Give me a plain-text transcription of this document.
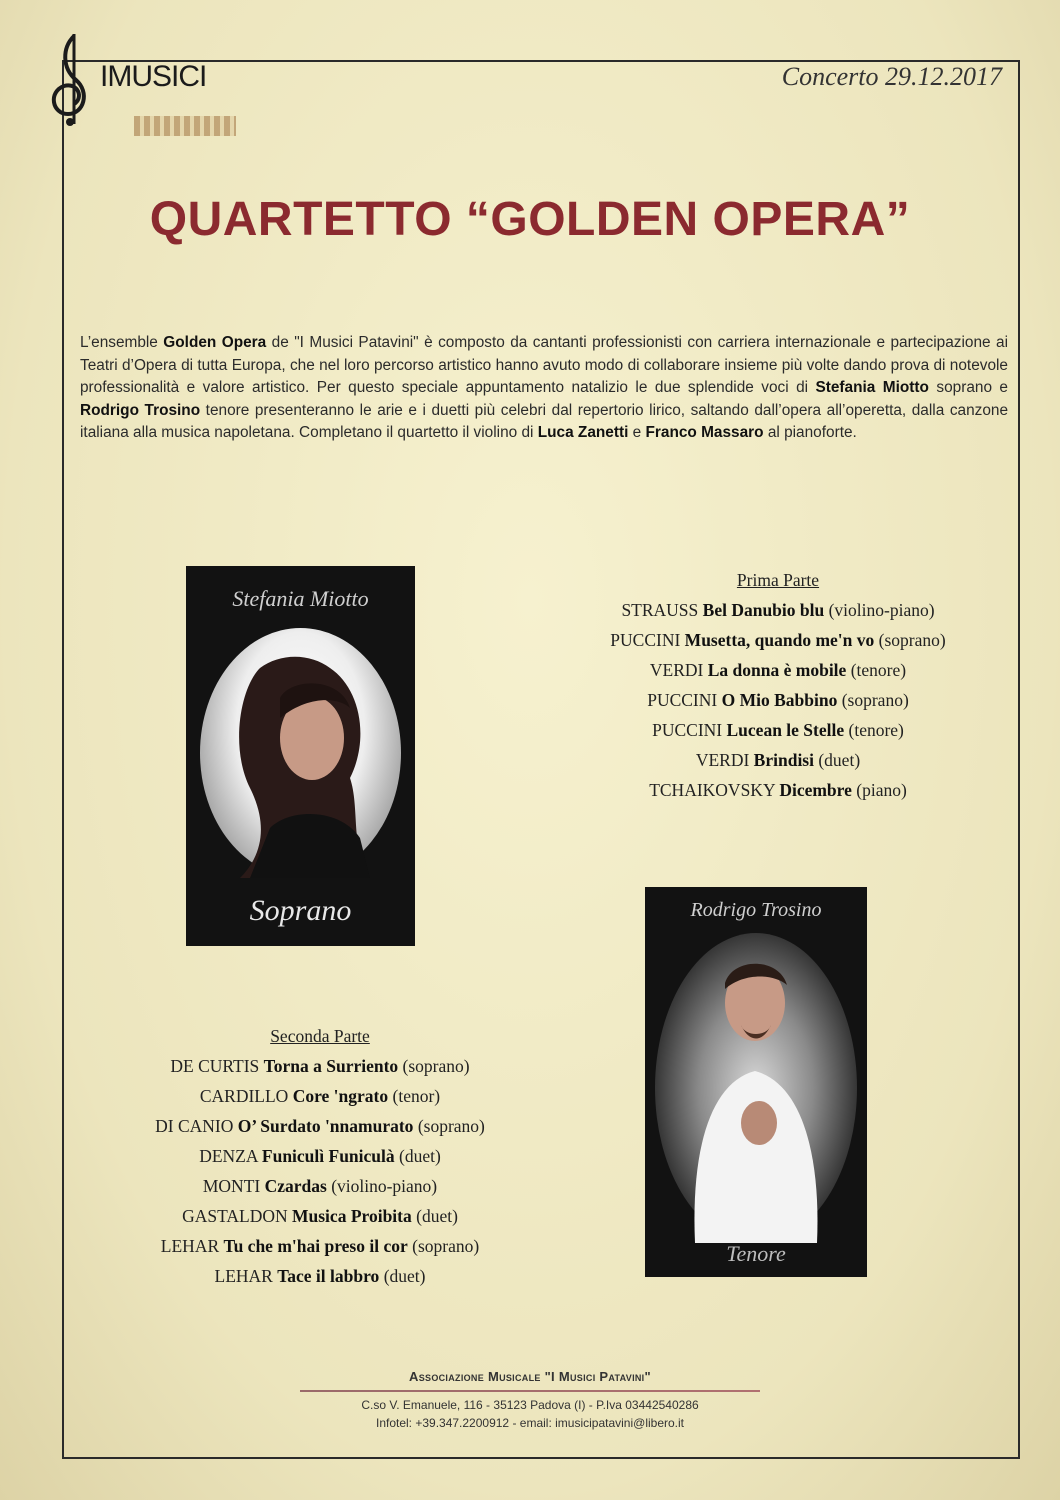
IMUSICI	Concerto 29.12.2017
QUARTETTO “GOLDEN OPERA”
L’ensemble Golden Opera de "I Musici Patavini" è composto da cantanti professionisti con carriera internazionale e partecipazione ai Teatri d’Opera di tutta Europa, che nel loro percorso artistico hanno avuto modo di collaborare insieme più volte dando prova di notevole professionalità e valore artistico. Per questo speciale appuntamento natalizio le due splendide voci di Stefania Miotto soprano e Rodrigo Trosino tenore presenteranno le arie e i duetti più celebri dal repertorio lirico, saltando dall’opera all’operetta, dalla canzone italiana alla musica napoletana. Completano il quartetto il violino di Luca Zanetti e Franco Massaro al pianoforte.
Stefania Miotto
Soprano
Prima Parte
STRAUSS Bel Danubio blu (violino-piano)
PUCCINI Musetta, quando me'n vo (soprano)
VERDI La donna è mobile (tenore)
PUCCINI O Mio Babbino (soprano)
PUCCINI Lucean le Stelle (tenore)
VERDI Brindisi (duet)
TCHAIKOVSKY Dicembre (piano)
Rodrigo Trosino
Tenore
Seconda Parte
DE CURTIS Torna a Surriento (soprano)
CARDILLO Core 'ngrato (tenor)
DI CANIO O’ Surdato 'nnamurato (soprano)
DENZA Funiculì Funiculà (duet)
MONTI Czardas (violino-piano)
GASTALDON Musica Proibita (duet)
LEHAR Tu che m'hai preso il cor (soprano)
LEHAR Tace il labbro (duet)
Associazione Musicale "I Musici Patavini"
C.so V. Emanuele, 116 - 35123 Padova (I) - P.Iva 03442540286
Infotel: +39.347.2200912 - email: imusicipatavini@libero.it
